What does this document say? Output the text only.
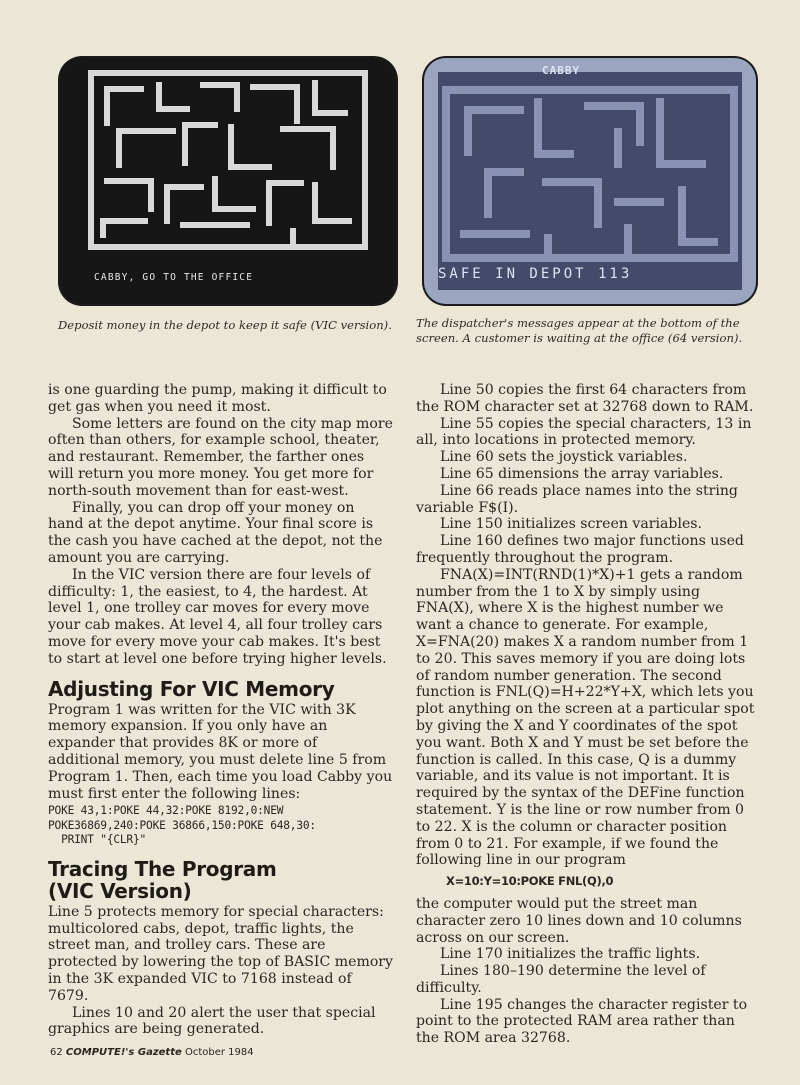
CABBY, GO TO THE OFFICE
CABBY
SAFE IN DEPOT 113
Deposit money in the depot to keep it safe (VIC version).	The dispatcher's messages appear at the bottom of the screen. A customer is waiting at the office (64 version).

is one guarding the pump, making it difficult to get gas when you need it most.

Some letters are found on the city map more often than others, for example school, theater, and restaurant. Remember, the farther ones will return you more money. You get more for north-south movement than for east-west.

Finally, you can drop off your money on hand at the depot anytime. Your final score is the cash you have cached at the depot, not the amount you are carrying.

In the VIC version there are four levels of difficulty: 1, the easiest, to 4, the hardest. At level 1, one trolley car moves for every move your cab makes. At level 4, all four trolley cars move for every move your cab makes. It's best to start at level one before trying higher levels.

Adjusting For VIC Memory

Program 1 was written for the VIC with 3K memory expansion. If you only have an expander that provides 8K or more of additional memory, you must delete line 5 from Program 1. Then, each time you load Cabby you must first enter the following lines:

POKE 43,1:POKE 44,32:POKE 8192,0:NEW
POKE36869,240:POKE 36866,150:POKE 648,30:
PRINT "{CLR}"
Tracing The Program
(VIC Version)

Line 5 protects memory for special characters: multicolored cabs, depot, traffic lights, the street man, and trolley cars. These are protected by lowering the top of BASIC memory in the 3K expanded VIC to 7168 instead of 7679.

Lines 10 and 20 alert the user that special graphics are being generated.

Line 50 copies the first 64 characters from the ROM character set at 32768 down to RAM.

Line 55 copies the special characters, 13 in all, into locations in protected memory.

Line 60 sets the joystick variables.

Line 65 dimensions the array variables.

Line 66 reads place names into the string variable F$(I).

Line 150 initializes screen variables.

Line 160 defines two major functions used frequently throughout the program.

FNA(X)=INT(RND(1)*X)+1 gets a random number from the 1 to X by simply using FNA(X), where X is the highest number we want a chance to generate. For example, X=FNA(20) makes X a random number from 1 to 20. This saves memory if you are doing lots of random number generation. The second function is FNL(Q)=H+22*Y+X, which lets you plot anything on the screen at a particular spot by giving the X and Y coordinates of the spot you want. Both X and Y must be set before the function is called. In this case, Q is a dummy variable, and its value is not important. It is required by the syntax of the DEFine function statement. Y is the line or row number from 0 to 22. X is the column or character position from 0 to 21. For example, if we found the following line in our program

X=10:Y=10:POKE FNL(Q),0

the computer would put the street man character zero 10 lines down and 10 columns across on our screen.

Line 170 initializes the traffic lights.

Lines 180–190 determine the level of difficulty.

Line 195 changes the character register to point to the protected RAM area rather than the ROM area 32768.

62 COMPUTE!'s Gazette October 1984
